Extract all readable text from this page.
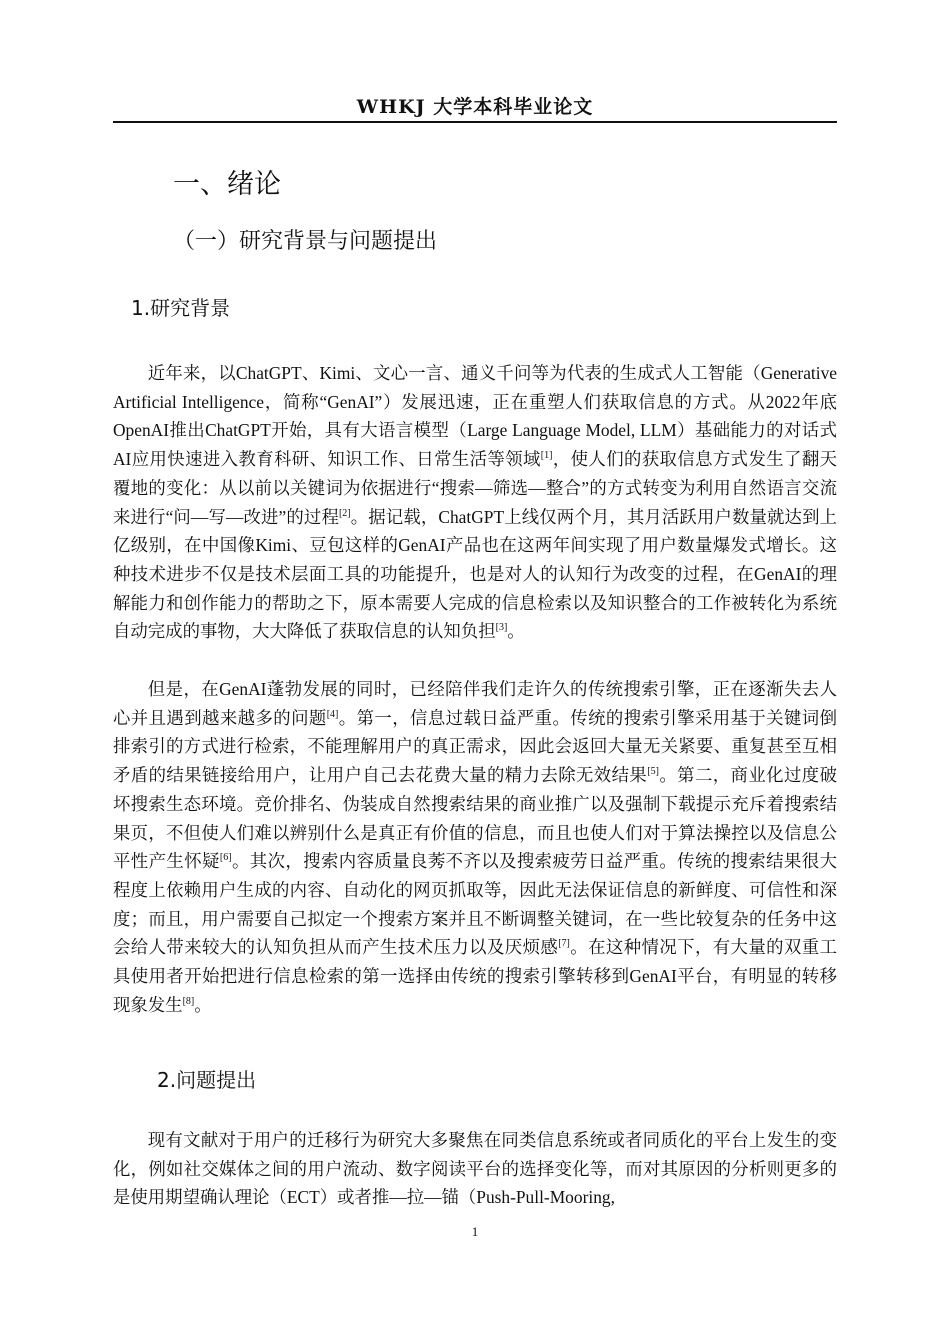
WHKJ 大学本科毕业论文
一、绪论
（一）研究背景与问题提出
1.研究背景

近年来，以ChatGPT、Kimi、文心一言、通义千问等为代表的生成式人工智能（Generative Artificial Intelligence，简称“GenAI”）发展迅速，正在重塑人们获取信息的方式。从2022年底OpenAI推出ChatGPT开始，具有大语言模型（Large Language Model, LLM）基础能力的对话式AI应用快速进入教育科研、知识工作、日常生活等领域[1]，使人们的获取信息方式发生了翻天覆地的变化：从以前以关键词为依据进行“搜索—筛选—整合”的方式转变为利用自然语言交流来进行“问—写—改进”的过程[2]。据记载，ChatGPT上线仅两个月，其月活跃用户数量就达到上亿级别，在中国像Kimi、豆包这样的GenAI产品也在这两年间实现了用户数量爆发式增长。这种技术进步不仅是技术层面工具的功能提升，也是对人的认知行为改变的过程，在GenAI的理解能力和创作能力的帮助之下，原本需要人完成的信息检索以及知识整合的工作被转化为系统自动完成的事物，大大降低了获取信息的认知负担[3]。

但是，在GenAI蓬勃发展的同时，已经陪伴我们走许久的传统搜索引擎，正在逐渐失去人心并且遇到越来越多的问题[4]。第一，信息过载日益严重。传统的搜索引擎采用基于关键词倒排索引的方式进行检索，不能理解用户的真正需求，因此会返回大量无关紧要、重复甚至互相矛盾的结果链接给用户，让用户自己去花费大量的精力去除无效结果[5]。第二，商业化过度破坏搜索生态环境。竞价排名、伪装成自然搜索结果的商业推广以及强制下载提示充斥着搜索结果页，不但使人们难以辨别什么是真正有价值的信息，而且也使人们对于算法操控以及信息公平性产生怀疑[6]。其次，搜索内容质量良莠不齐以及搜索疲劳日益严重。传统的搜索结果很大程度上依赖用户生成的内容、自动化的网页抓取等，因此无法保证信息的新鲜度、可信性和深度；而且，用户需要自己拟定一个搜索方案并且不断调整关键词，在一些比较复杂的任务中这会给人带来较大的认知负担从而产生技术压力以及厌烦感[7]。在这种情况下，有大量的双重工具使用者开始把进行信息检索的第一选择由传统的搜索引擎转移到GenAI平台，有明显的转移现象发生[8]。

2.问题提出

现有文献对于用户的迁移行为研究大多聚焦在同类信息系统或者同质化的平台上发生的变化，例如社交媒体之间的用户流动、数字阅读平台的选择变化等，而对其原因的分析则更多的是使用期望确认理论（ECT）或者推—拉—锚（Push-Pull-Mooring,

1
